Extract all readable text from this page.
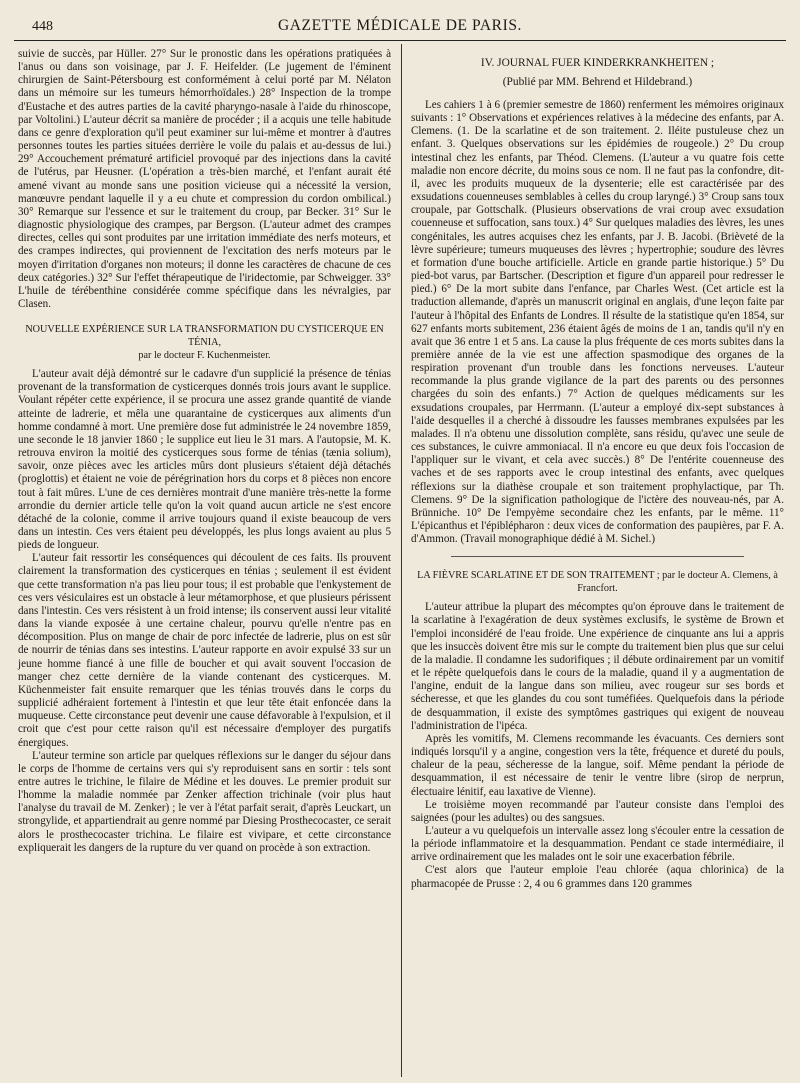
448	GAZETTE MÉDICALE DE PARIS.

suivie de succès, par Hüller. 27° Sur le pronostic dans les opérations pratiquées à l'anus ou dans son voisinage, par J. F. Heifelder. (Le jugement de l'éminent chirurgien de Saint-Pétersbourg est conformément à celui porté par M. Nélaton dans un mémoire sur les tumeurs hémorrhoïdales.) 28° Inspection de la trompe d'Eustache et des autres parties de la cavité pharyngo-nasale à l'aide du rhinoscope, par Voltolini.) L'auteur décrit sa manière de procéder ; il a acquis une telle habitude dans ce genre d'exploration qu'il peut examiner sur lui-même et montrer à d'autres personnes toutes les parties situées derrière le voile du palais et au-dessus de lui.) 29° Accouchement prématuré artificiel provoqué par des injections dans la cavité de l'utérus, par Heusner. (L'opération a très-bien marché, et l'enfant aurait été amené vivant au monde sans une position vicieuse qui a nécessité la version, manœuvre pendant laquelle il y a eu chute et compression du cordon ombilical.) 30° Remarque sur l'essence et sur le traitement du croup, par Becker. 31° Sur le diagnostic physiologique des crampes, par Bergson. (L'auteur admet des crampes directes, celles qui sont produites par une irritation immédiate des nerfs moteurs, et des crampes indirectes, qui proviennent de l'excitation des nerfs moteurs par le moyen d'irritation d'organes non moteurs; il donne les caractères de chacune de ces deux catégories.) 32° Sur l'effet thérapeutique de l'iridectomie, par Schweigger. 33° L'huile de térébenthine considérée comme spécifique dans les névralgies, par Clasen.

NOUVELLE EXPÉRIENCE SUR LA TRANSFORMATION DU CYSTICERQUE EN TÉNIA,
par le docteur F. Kuchenmeister.

L'auteur avait déjà démontré sur le cadavre d'un supplicié la présence de ténias provenant de la transformation de cysticerques donnés trois jours avant le supplice. Voulant répéter cette expérience, il se procura une assez grande quantité de viande atteinte de ladrerie, et mêla une quarantaine de cysticerques aux aliments d'un homme condamné à mort. Une première dose fut administrée le 24 novembre 1859, une seconde le 18 janvier 1860 ; le supplice eut lieu le 31 mars. A l'autopsie, M. K. retrouva environ la moitié des cysticerques sous forme de ténias (tænia solium), savoir, onze pièces avec les articles mûrs dont plusieurs s'étaient déjà détachés (proglottis) et étaient ne voie de pérégrination hors du corps et 8 pièces non encore tout à fait mûres. L'une de ces dernières montrait d'une manière très-nette la forme arrondie du dernier article telle qu'on la voit quand aucun article ne s'est encore détaché de la colonie, comme il arrive toujours quand il existe beaucoup de vers dans un intestin. Ces vers étaient peu développés, les plus longs avaient au plus 5 pieds de longueur.

L'auteur fait ressortir les conséquences qui découlent de ces faits. Ils prouvent clairement la transformation des cysticerques en ténias ; seulement il est évident que cette transformation n'a pas lieu pour tous; il est probable que l'enkystement de ces vers vésiculaires est un obstacle à leur métamorphose, et que plusieurs périssent dans l'intestin. Ces vers résistent à un froid intense; ils conservent aussi leur vitalité dans la viande exposée à une certaine chaleur, pourvu qu'elle n'entre pas en décomposition. Plus on mange de chair de porc infectée de ladrerie, plus on est sûr de nourrir de ténias dans ses intestins. L'auteur rapporte en avoir expulsé 33 sur un jeune homme fiancé à une fille de boucher et qui avait souvent l'occasion de manger chez cette dernière de la viande contenant des cysticerques. M. Küchenmeister fait ensuite remarquer que les ténias trouvés dans le corps du supplicié adhéraient fortement à l'intestin et que leur tête était enfoncée dans la muqueuse. Cette circonstance peut devenir une cause défavorable à l'expulsion, et il croit que c'est pour cette raison qu'il est nécessaire d'employer des purgatifs énergiques.

L'auteur termine son article par quelques réflexions sur le danger du séjour dans le corps de l'homme de certains vers qui s'y reproduisent sans en sortir : tels sont entre autres le trichine, le filaire de Médine et les douves. Le premier produit sur l'homme la maladie nommée par Zenker affection trichinale (voir plus haut l'analyse du travail de M. Zenker) ; le ver à l'état parfait serait, d'après Leuckart, un strongylide, et appartiendrait au genre nommé par Diesing Prosthecocaster, ce serait alors le prosthecocaster trichina. Le filaire est vivipare, et cette circonstance expliquerait les dangers de la rupture du ver quand on procède à son extraction.

IV. JOURNAL FUER KINDERKRANKHEITEN ;
(Publié par MM. Behrend et Hildebrand.)

Les cahiers 1 à 6 (premier semestre de 1860) renferment les mémoires originaux suivants : 1° Observations et expériences relatives à la médecine des enfants, par A. Clemens. (1. De la scarlatine et de son traitement. 2. Iléite pustuleuse chez un enfant. 3. Quelques observations sur les épidémies de rougeole.) 2° Du croup intestinal chez les enfants, par Théod. Clemens. (L'auteur a vu quatre fois cette maladie non encore décrite, du moins sous ce nom. Il ne faut pas la confondre, dit-il, avec les produits muqueux de la dysenterie; elle est caractérisée par des exsudations couenneuses semblables à celles du croup laryngé.) 3° Croup sans toux croupale, par Gottschalk. (Plusieurs observations de vrai croup avec exsudation couenneuse et suffocation, sans toux.) 4° Sur quelques maladies des lèvres, les unes congénitales, les autres acquises chez les enfants, par J. B. Jacobi. (Brièveté de la lèvre supérieure; tumeurs muqueuses des lèvres ; hypertrophie; soudure des lèvres et formation d'une bouche artificielle. Article en grande partie historique.) 5° Du pied-bot varus, par Bartscher. (Description et figure d'un appareil pour redresser le pied.) 6° De la mort subite dans l'enfance, par Charles West. (Cet article est la traduction allemande, d'après un manuscrit original en anglais, d'une leçon faite par l'auteur à l'hôpital des Enfants de Londres. Il résulte de la statistique qu'en 1854, sur 627 enfants morts subitement, 236 étaient âgés de moins de 1 an, tandis qu'il n'y en avait que 36 entre 1 et 5 ans. La cause la plus fréquente de ces morts subites dans la première année de la vie est une affection spasmodique des organes de la respiration provenant d'un trouble dans les fonctions nerveuses. L'auteur recommande la plus grande vigilance de la part des parents ou des personnes chargées du soin des enfants.) 7° Action de quelques médicaments sur les exsudations croupales, par Herrmann. (L'auteur a employé dix-sept substances à l'aide desquelles il a cherché à dissoudre les fausses membranes expulsées par les malades. Il n'a obtenu une dissolution complète, sans résidu, qu'avec une seule de ces substances, le cuivre ammoniacal. Il n'a encore eu que deux fois l'occasion de l'appliquer sur le vivant, et cela avec succès.) 8° De l'entérite couenneuse des vaches et de ses rapports avec le croup intestinal des enfants, avec quelques réflexions sur la diathèse croupale et son traitement prophylactique, par Th. Clemens. 9° De la signification pathologique de l'ictère des nouveau-nés, par A. Brünniche. 10° De l'empyème secondaire chez les enfants, par le même. 11° L'épicanthus et l'épiblépharon : deux vices de conformation des paupières, par F. A. d'Ammon. (Travail monographique dédié à M. Sichel.)

LA FIÈVRE SCARLATINE ET DE SON TRAITEMENT ; par le docteur A. Clemens, à Francfort.

L'auteur attribue la plupart des mécomptes qu'on éprouve dans le traitement de la scarlatine à l'exagération de deux systèmes exclusifs, le système de Brown et l'emploi inconsidéré de l'eau froide. Une expérience de cinquante ans lui a appris que les insuccès doivent être mis sur le compte du traitement bien plus que sur celui de la maladie. Il condamne les sudorifiques ; il débute ordinairement par un vomitif et le répète quelquefois dans le cours de la maladie, quand il y a augmentation de l'angine, enduit de la langue dans son milieu, avec rougeur sur ses bords et sécheresse, et que les glandes du cou sont tuméfiées. Quelquefois dans la période de desquammation, il existe des symptômes gastriques qui exigent de nouveau l'administration de l'ipéca.

Après les vomitifs, M. Clemens recommande les évacuants. Ces derniers sont indiqués lorsqu'il y a angine, congestion vers la tête, fréquence et dureté du pouls, chaleur de la peau, sécheresse de la langue, soif. Même pendant la période de desquammation, il est nécessaire de tenir le ventre libre (sirop de nerprun, électuaire lénitif, eau laxative de Vienne).

Le troisième moyen recommandé par l'auteur consiste dans l'emploi des saignées (pour les adultes) ou des sangsues.

L'auteur a vu quelquefois un intervalle assez long s'écouler entre la cessation de la période inflammatoire et la desquammation. Pendant ce stade intermédiaire, il arrive ordinairement que les malades ont le soir une exacerbation fébrile.

C'est alors que l'auteur emploie l'eau chlorée (aqua chlorinica) de la pharmacopée de Prusse : 2, 4 ou 6 grammes dans 120 grammes
